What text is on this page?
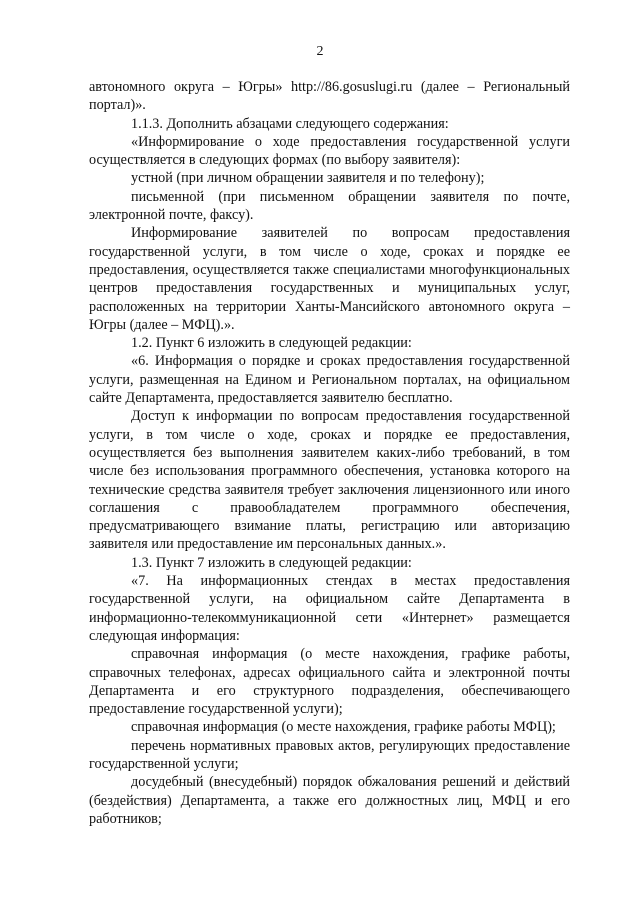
2

автономного округа – Югры» http://86.gosuslugi.ru (далее – Региональный портал)».

1.1.3. Дополнить абзацами следующего содержания:

«Информирование о ходе предоставления государственной услуги осуществляется в следующих формах (по выбору заявителя):

устной (при личном обращении заявителя и по телефону);

письменной (при письменном обращении заявителя по почте, электронной почте, факсу).

Информирование заявителей по вопросам предоставления государственной услуги, в том числе о ходе, сроках и порядке ее предоставления, осуществляется также специалистами многофункциональных центров предоставления государственных и муниципальных услуг, расположенных на территории Ханты-Мансийского автономного округа – Югры (далее – МФЦ).».

1.2. Пункт 6 изложить в следующей редакции:

«6. Информация о порядке и сроках предоставления государственной услуги, размещенная на Едином и Региональном порталах, на официальном сайте Департамента, предоставляется заявителю бесплатно.

Доступ к информации по вопросам предоставления государственной услуги, в том числе о ходе, сроках и порядке ее предоставления, осуществляется без выполнения заявителем каких-либо требований, в том числе без использования программного обеспечения, установка которого на технические средства заявителя требует заключения лицензионного или иного соглашения с правообладателем программного обеспечения, предусматривающего взимание платы, регистрацию или авторизацию заявителя или предоставление им персональных данных.».

1.3. Пункт 7 изложить в следующей редакции:

«7. На информационных стендах в местах предоставления государственной услуги, на официальном сайте Департамента в информационно-телекоммуникационной сети «Интернет» размещается следующая информация:

справочная информация (о месте нахождения, графике работы, справочных телефонах, адресах официального сайта и электронной почты Департамента и его структурного подразделения, обеспечивающего предоставление государственной услуги);

справочная информация (о месте нахождения, графике работы МФЦ);

перечень нормативных правовых актов, регулирующих предоставление государственной услуги;

досудебный (внесудебный) порядок обжалования решений и действий (бездействия) Департамента, а также его должностных лиц, МФЦ и его работников;
